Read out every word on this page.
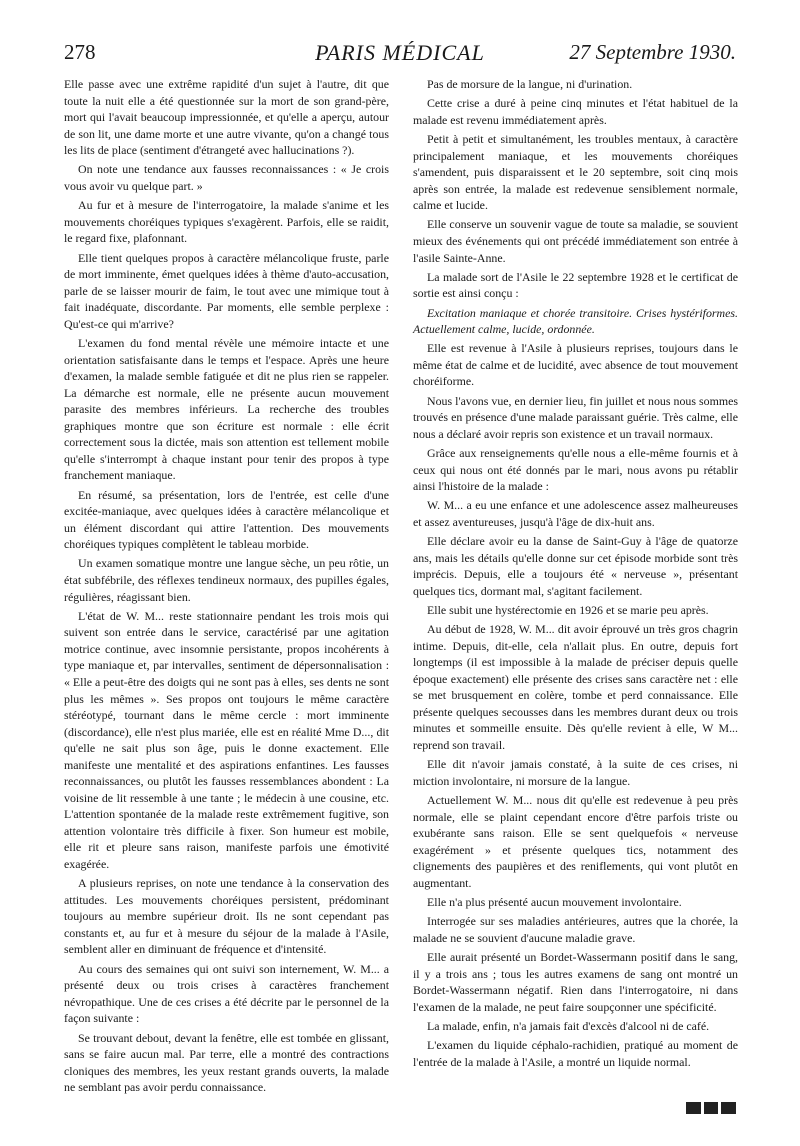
278	PARIS MÉDICAL	27 Septembre 1930.

Elle passe avec une extrême rapidité d'un sujet à l'autre, dit que toute la nuit elle a été questionnée sur la mort de son grand-père, mort qui l'avait beaucoup impressionnée, et qu'elle a aperçu, autour de son lit, une dame morte et une autre vivante, qu'on a changé tous les lits de place (sentiment d'étrangeté avec hallucinations ?).

On note une tendance aux fausses reconnaissances : « Je crois vous avoir vu quelque part. »

Au fur et à mesure de l'interrogatoire, la malade s'anime et les mouvements choréiques typiques s'exagèrent. Parfois, elle se raidit, le regard fixe, plafonnant.

Elle tient quelques propos à caractère mélancolique fruste, parle de mort imminente, émet quelques idées à thème d'auto-accusation, parle de se laisser mourir de faim, le tout avec une mimique tout à fait inadéquate, discordante. Par moments, elle semble perplexe : Qu'est-ce qui m'arrive?

L'examen du fond mental révèle une mémoire intacte et une orientation satisfaisante dans le temps et l'espace. Après une heure d'examen, la malade semble fatiguée et dit ne plus rien se rappeler. La démarche est normale, elle ne présente aucun mouvement parasite des membres inférieurs. La recherche des troubles graphiques montre que son écriture est normale : elle écrit correctement sous la dictée, mais son attention est tellement mobile qu'elle s'interrompt à chaque instant pour tenir des propos à type franchement maniaque.

En résumé, sa présentation, lors de l'entrée, est celle d'une excitée-maniaque, avec quelques idées à caractère mélancolique et un élément discordant qui attire l'attention. Des mouvements choréiques typiques complètent le tableau morbide.

Un examen somatique montre une langue sèche, un peu rôtie, un état subfébrile, des réflexes tendineux normaux, des pupilles égales, régulières, réagissant bien.

L'état de W. M... reste stationnaire pendant les trois mois qui suivent son entrée dans le service, caractérisé par une agitation motrice continue, avec insomnie persistante, propos incohérents à type maniaque et, par intervalles, sentiment de dépersonnalisation : « Elle a peut-être des doigts qui ne sont pas à elles, ses dents ne sont plus les mêmes ». Ses propos ont toujours le même caractère stéréotypé, tournant dans le même cercle : mort imminente (discordance), elle n'est plus mariée, elle est en réalité Mme D..., dit qu'elle ne sait plus son âge, puis le donne exactement. Elle manifeste une mentalité et des aspirations enfantines. Les fausses reconnaissances, ou plutôt les fausses ressemblances abondent : La voisine de lit ressemble à une tante ; le médecin à une cousine, etc. L'attention spontanée de la malade reste extrêmement fugitive, son attention volontaire très difficile à fixer. Son humeur est mobile, elle rit et pleure sans raison, manifeste parfois une émotivité exagérée.

A plusieurs reprises, on note une tendance à la conservation des attitudes. Les mouvements choréiques persistent, prédominant toujours au membre supérieur droit. Ils ne sont cependant pas constants et, au fur et à mesure du séjour de la malade à l'Asile, semblent aller en diminuant de fréquence et d'intensité.

Au cours des semaines qui ont suivi son internement, W. M... a présenté deux ou trois crises à caractères franchement névropathique. Une de ces crises a été décrite par le personnel de la façon suivante :

Se trouvant debout, devant la fenêtre, elle est tombée en glissant, sans se faire aucun mal. Par terre, elle a montré des contractions cloniques des membres, les yeux restant grands ouverts, la malade ne semblant pas avoir perdu connaissance.

Pas de morsure de la langue, ni d'urination.

Cette crise a duré à peine cinq minutes et l'état habituel de la malade est revenu immédiatement après.

Petit à petit et simultanément, les troubles mentaux, à caractère principalement maniaque, et les mouvements choréiques s'amendent, puis disparaissent et le 20 septembre, soit cinq mois après son entrée, la malade est redevenue sensiblement normale, calme et lucide.

Elle conserve un souvenir vague de toute sa maladie, se souvient mieux des événements qui ont précédé immédiatement son entrée à l'asile Sainte-Anne.

La malade sort de l'Asile le 22 septembre 1928 et le certificat de sortie est ainsi conçu :

Excitation maniaque et chorée transitoire. Crises hystériformes. Actuellement calme, lucide, ordonnée.

Elle est revenue à l'Asile à plusieurs reprises, toujours dans le même état de calme et de lucidité, avec absence de tout mouvement choréiforme.

Nous l'avons vue, en dernier lieu, fin juillet et nous nous sommes trouvés en présence d'une malade paraissant guérie. Très calme, elle nous a déclaré avoir repris son existence et un travail normaux.

Grâce aux renseignements qu'elle nous a elle-même fournis et à ceux qui nous ont été donnés par le mari, nous avons pu rétablir ainsi l'histoire de la malade :

W. M... a eu une enfance et une adolescence assez malheureuses et assez aventureuses, jusqu'à l'âge de dix-huit ans.

Elle déclare avoir eu la danse de Saint-Guy à l'âge de quatorze ans, mais les détails qu'elle donne sur cet épisode morbide sont très imprécis. Depuis, elle a toujours été « nerveuse », présentant quelques tics, dormant mal, s'agitant facilement.

Elle subit une hystérectomie en 1926 et se marie peu après.

Au début de 1928, W. M... dit avoir éprouvé un très gros chagrin intime. Depuis, dit-elle, cela n'allait plus. En outre, depuis fort longtemps (il est impossible à la malade de préciser depuis quelle époque exactement) elle présente des crises sans caractère net : elle se met brusquement en colère, tombe et perd connaissance. Elle présente quelques secousses dans les membres durant deux ou trois minutes et sommeille ensuite. Dès qu'elle revient à elle, W M... reprend son travail.

Elle dit n'avoir jamais constaté, à la suite de ces crises, ni miction involontaire, ni morsure de la langue.

Actuellement W. M... nous dit qu'elle est redevenue à peu près normale, elle se plaint cependant encore d'être parfois triste ou exubérante sans raison. Elle se sent quelquefois « nerveuse exagérément » et présente quelques tics, notamment des clignements des paupières et des reniflements, qui vont plutôt en augmentant.

Elle n'a plus présenté aucun mouvement involontaire.

Interrogée sur ses maladies antérieures, autres que la chorée, la malade ne se souvient d'aucune maladie grave.

Elle aurait présenté un Bordet-Wassermann positif dans le sang, il y a trois ans ; tous les autres examens de sang ont montré un Bordet-Wassermann négatif. Rien dans l'interrogatoire, ni dans l'examen de la malade, ne peut faire soupçonner une spécificité.

La malade, enfin, n'a jamais fait d'excès d'alcool ni de café.

L'examen du liquide céphalo-rachidien, pratiqué au moment de l'entrée de la malade à l'Asile, a montré un liquide normal.
